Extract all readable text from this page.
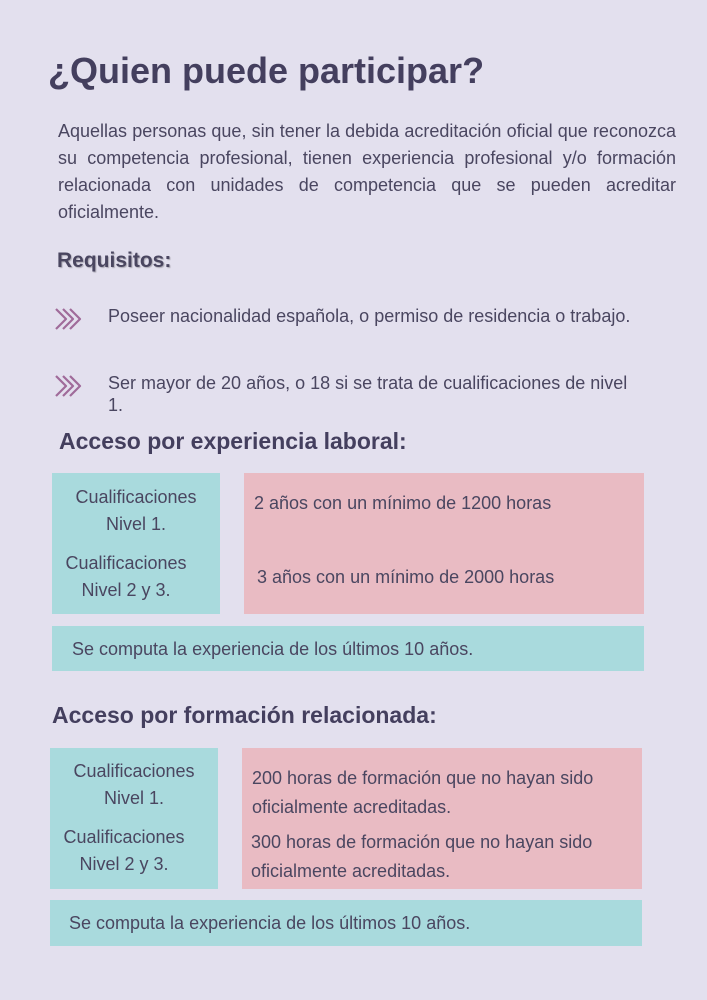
¿Quien puede participar?
Aquellas personas que, sin tener la debida acreditación oficial que reconozca su competencia profesional, tienen experiencia profesional y/o formación relacionada con unidades de competencia que se pueden acreditar oficialmente.
Requisitos:
Poseer nacionalidad española, o permiso de residencia o trabajo.
Ser mayor de 20 años, o 18 si se trata de cualificaciones de nivel 1.
Acceso por experiencia laboral:
Cualificaciones Nivel 1.
Cualificaciones Nivel 2 y 3.
2 años con un mínimo de 1200 horas
3 años con un mínimo de 2000 horas
Se computa la experiencia de los últimos 10 años.
Acceso por formación relacionada:
Cualificaciones Nivel 1.
Cualificaciones Nivel 2 y 3.
200 horas de formación que no hayan sido oficialmente acreditadas.
300 horas de formación que no hayan sido oficialmente acreditadas.
Se computa la experiencia de los últimos 10 años.
